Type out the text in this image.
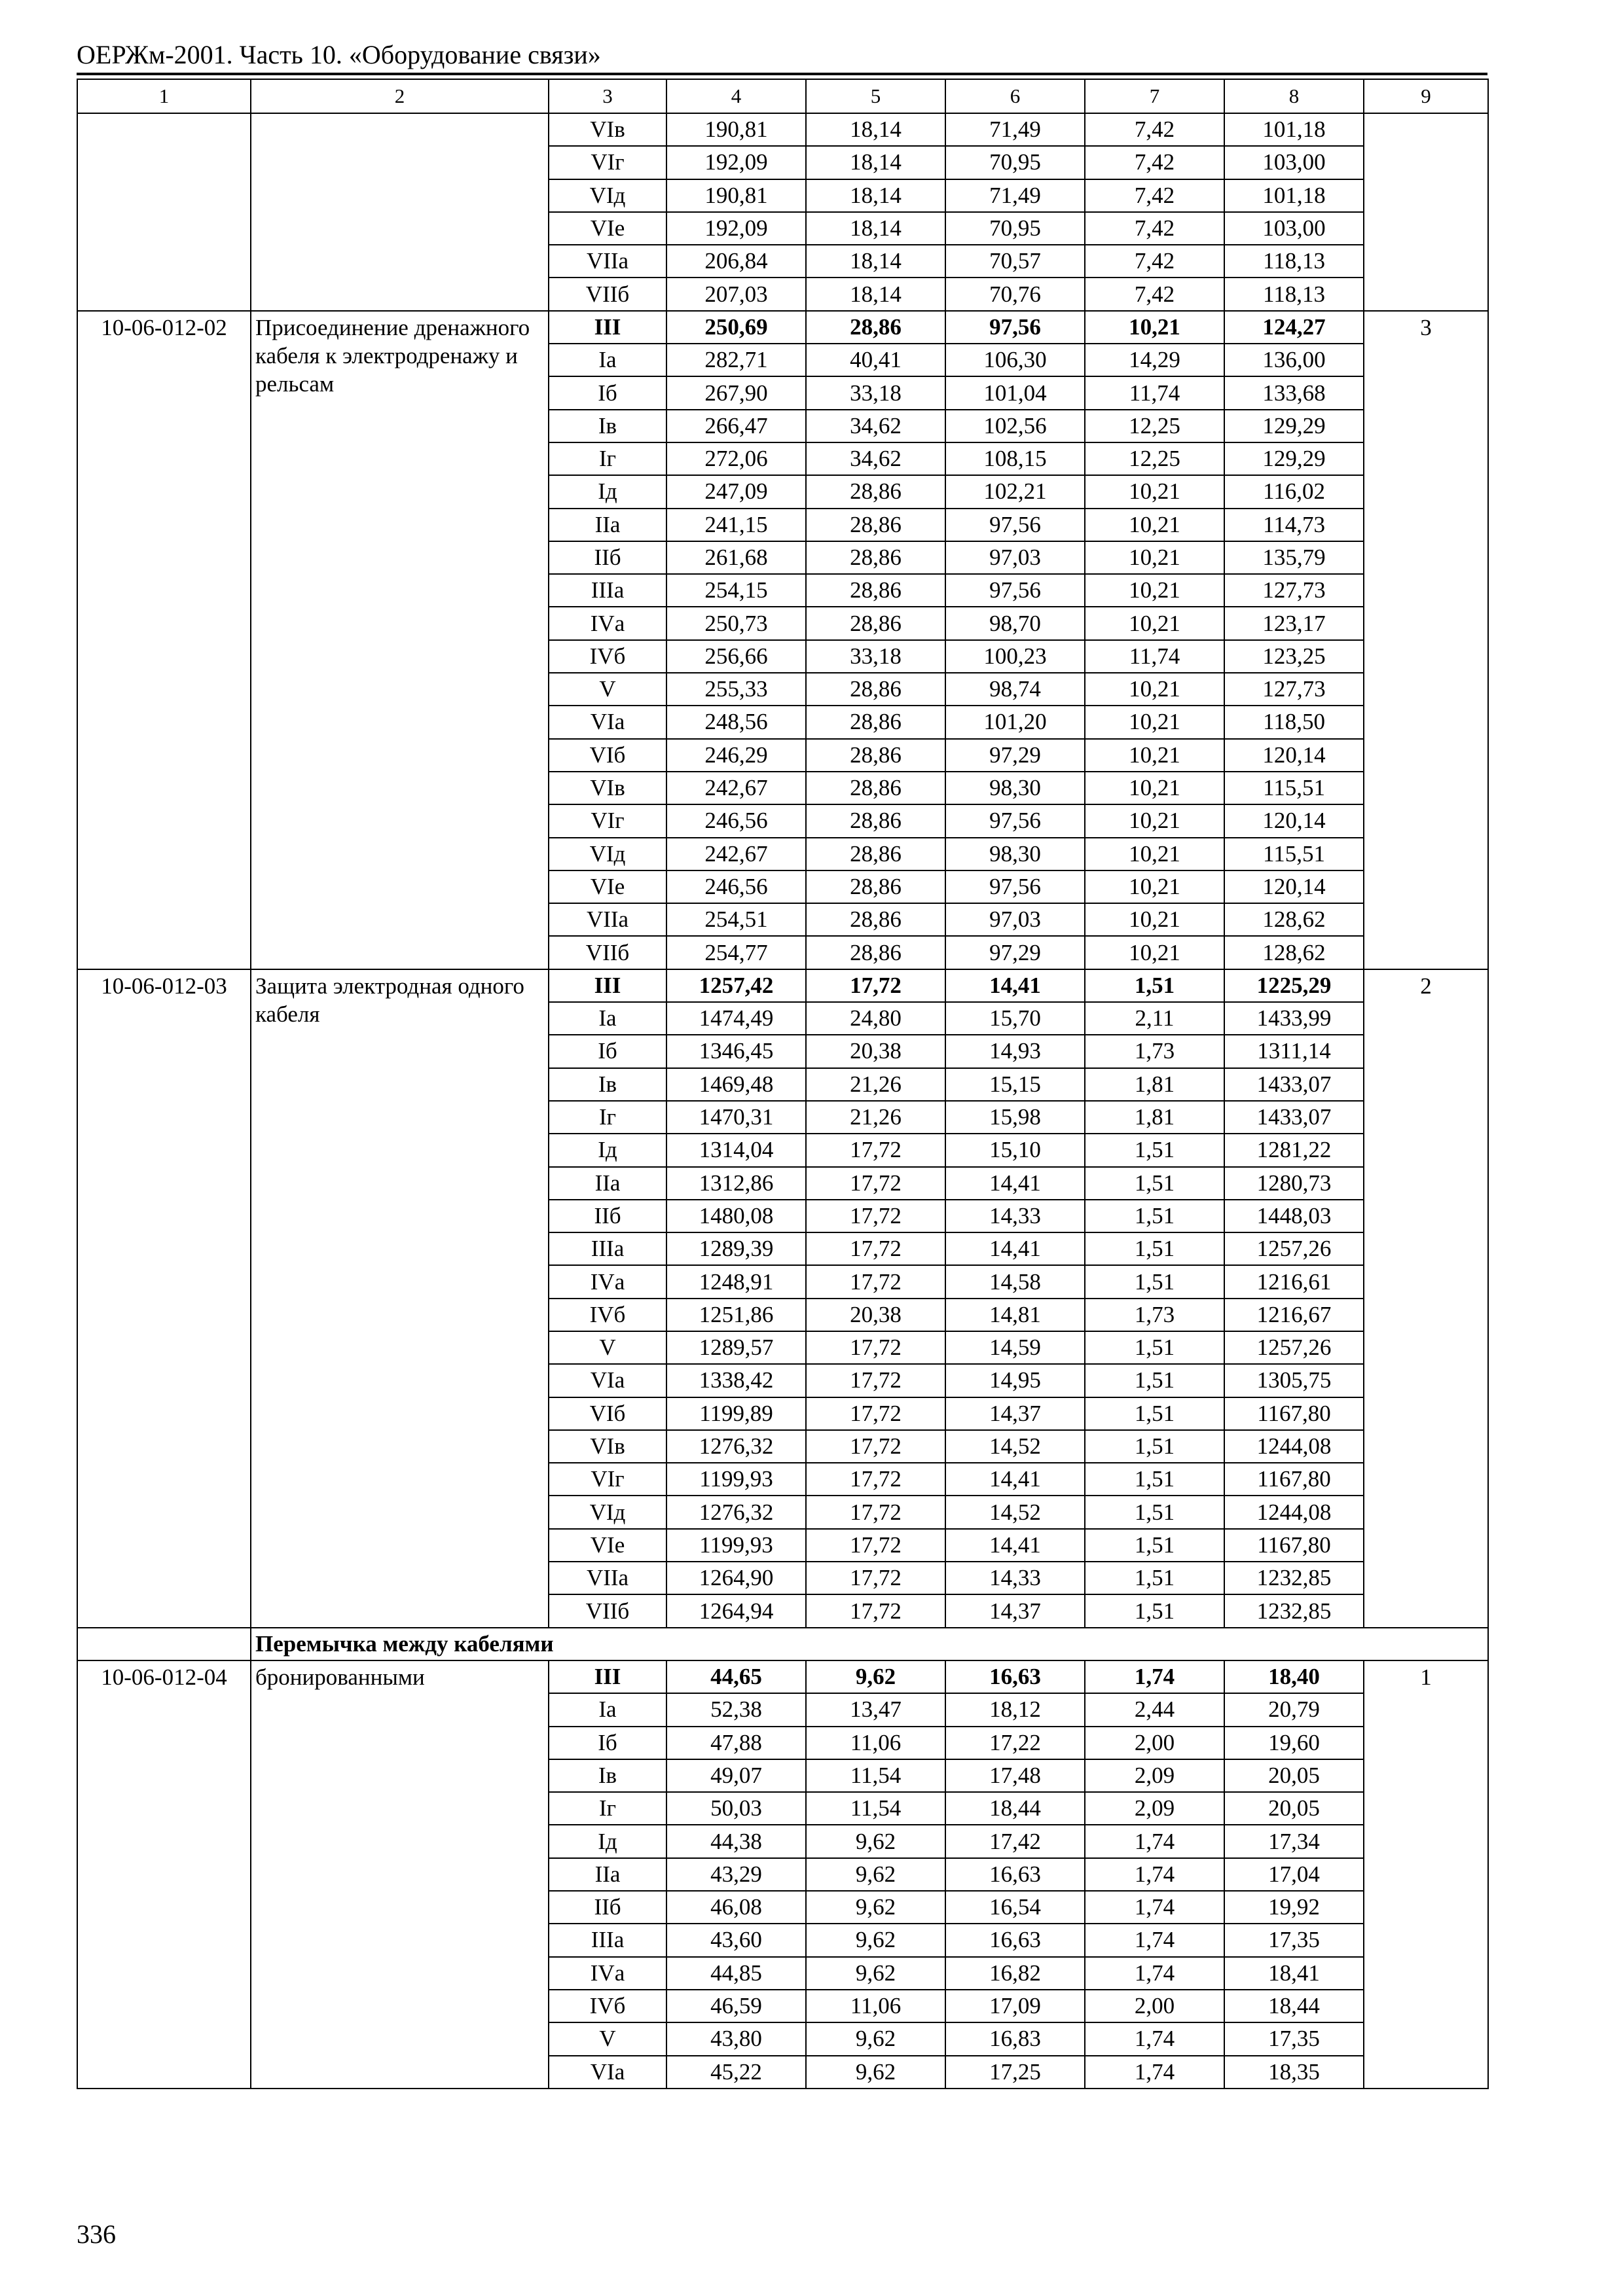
ОЕРЖм-2001. Часть 10. «Оборудование связи»
1	2	3	4	5	6	7	8	9
		VIв	190,81	18,14	71,49	7,42	101,18	
		VIг	192,09	18,14	70,95	7,42	103,00	
		VIд	190,81	18,14	71,49	7,42	101,18	
		VIе	192,09	18,14	70,95	7,42	103,00	
		VIIа	206,84	18,14	70,57	7,42	118,13	
		VIIб	207,03	18,14	70,76	7,42	118,13	
10-06-012-02	Присоединение дренажного кабеля к электродренажу и рельсам	III	250,69	28,86	97,56	10,21	124,27	3
		Iа	282,71	40,41	106,30	14,29	136,00	
		Iб	267,90	33,18	101,04	11,74	133,68	
		Iв	266,47	34,62	102,56	12,25	129,29	
		Iг	272,06	34,62	108,15	12,25	129,29	
		Iд	247,09	28,86	102,21	10,21	116,02	
		IIа	241,15	28,86	97,56	10,21	114,73	
		IIб	261,68	28,86	97,03	10,21	135,79	
		IIIа	254,15	28,86	97,56	10,21	127,73	
		IVа	250,73	28,86	98,70	10,21	123,17	
		IVб	256,66	33,18	100,23	11,74	123,25	
		V	255,33	28,86	98,74	10,21	127,73	
		VIа	248,56	28,86	101,20	10,21	118,50	
		VIб	246,29	28,86	97,29	10,21	120,14	
		VIв	242,67	28,86	98,30	10,21	115,51	
		VIг	246,56	28,86	97,56	10,21	120,14	
		VIд	242,67	28,86	98,30	10,21	115,51	
		VIе	246,56	28,86	97,56	10,21	120,14	
		VIIа	254,51	28,86	97,03	10,21	128,62	
		VIIб	254,77	28,86	97,29	10,21	128,62	
10-06-012-03	Защита электродная одного кабеля	III	1257,42	17,72	14,41	1,51	1225,29	2
		Iа	1474,49	24,80	15,70	2,11	1433,99	
		Iб	1346,45	20,38	14,93	1,73	1311,14	
		Iв	1469,48	21,26	15,15	1,81	1433,07	
		Iг	1470,31	21,26	15,98	1,81	1433,07	
		Iд	1314,04	17,72	15,10	1,51	1281,22	
		IIа	1312,86	17,72	14,41	1,51	1280,73	
		IIб	1480,08	17,72	14,33	1,51	1448,03	
		IIIа	1289,39	17,72	14,41	1,51	1257,26	
		IVа	1248,91	17,72	14,58	1,51	1216,61	
		IVб	1251,86	20,38	14,81	1,73	1216,67	
		V	1289,57	17,72	14,59	1,51	1257,26	
		VIа	1338,42	17,72	14,95	1,51	1305,75	
		VIб	1199,89	17,72	14,37	1,51	1167,80	
		VIв	1276,32	17,72	14,52	1,51	1244,08	
		VIг	1199,93	17,72	14,41	1,51	1167,80	
		VIд	1276,32	17,72	14,52	1,51	1244,08	
		VIе	1199,93	17,72	14,41	1,51	1167,80	
		VIIа	1264,90	17,72	14,33	1,51	1232,85	
		VIIб	1264,94	17,72	14,37	1,51	1232,85	
	Перемычка между кабелями							
10-06-012-04	бронированными	III	44,65	9,62	16,63	1,74	18,40	1
		Iа	52,38	13,47	18,12	2,44	20,79	
		Iб	47,88	11,06	17,22	2,00	19,60	
		Iв	49,07	11,54	17,48	2,09	20,05	
		Iг	50,03	11,54	18,44	2,09	20,05	
		Iд	44,38	9,62	17,42	1,74	17,34	
		IIа	43,29	9,62	16,63	1,74	17,04	
		IIб	46,08	9,62	16,54	1,74	19,92	
		IIIа	43,60	9,62	16,63	1,74	17,35	
		IVа	44,85	9,62	16,82	1,74	18,41	
		IVб	46,59	11,06	17,09	2,00	18,44	
		V	43,80	9,62	16,83	1,74	17,35	
		VIа	45,22	9,62	17,25	1,74	18,35	
336
